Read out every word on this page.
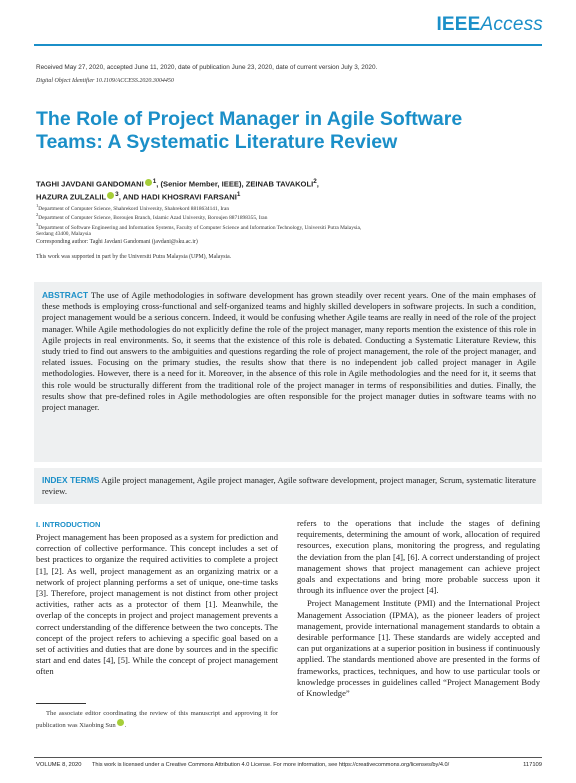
IEEEAccess
Received May 27, 2020, accepted June 11, 2020, date of publication June 23, 2020, date of current version July 3, 2020.
Digital Object Identifier 10.1109/ACCESS.2020.3004450
The Role of Project Manager in Agile Software Teams: A Systematic Literature Review
TAGHI JAVDANI GANDOMANI $^1$, (Senior Member, IEEE), ZEINAB TAVAKOLI$^2$,
HAZURA ZULZALIL $^3$, AND HADI KHOSRAVI FARSANI$^1$
$^1$Department of Computer Science, Shahrekord University, Shahrekord 8818634141, Iran
$^2$Department of Computer Science, Boroujen Branch, Islamic Azad University, Boroujen 8871898355, Iran
$^3$Department of Software Engineering and Information Systems, Faculty of Computer Science and Information Technology, Universiti Putra Malaysia,
Serdang 43400, Malaysia
Corresponding author: Taghi Javdani Gandomani (javdani@sku.ac.ir)
This work was supported in part by the Universiti Putra Malaysia (UPM), Malaysia.
ABSTRACT The use of Agile methodologies in software development has grown steadily over recent years. One of the main emphases of these methods is employing cross-functional and self-organized teams and highly skilled developers in software projects. In such a condition, project management would be a serious concern. Indeed, it would be confusing whether Agile teams are really in need of the role of the project manager. While Agile methodologies do not explicitly define the role of the project manager, many reports mention the existence of this role in Agile projects in real environments. So, it seems that the existence of this role is debated. Conducting a Systematic Literature Review, this study tried to find out answers to the ambiguities and questions regarding the role of project management, the role of the project manager, and related issues. Focusing on the primary studies, the results show that there is no independent job called project manager in Agile methodologies. However, there is a need for it. Moreover, in the absence of this role in Agile methodologies and the need for it, it seems that this role would be structurally different from the traditional role of the project manager in terms of responsibilities and duties. Finally, the results show that pre-defined roles in Agile methodologies are often responsible for the project manager duties in software teams with no project manager.
INDEX TERMS Agile project management, Agile project manager, Agile software development, project manager, Scrum, systematic literature review.
I. INTRODUCTION
Project management has been proposed as a system for prediction and correction of collective performance. This concept includes a set of best practices to organize the required activities to complete a project [1], [2]. As well, project management as an organizing matrix or a network of project planning performs a set of unique, one-time tasks [3]. Therefore, project management is not distinct from other project activities, rather acts as a protector of them [1]. Meanwhile, the overlap of the concepts in project and project management prevents a correct understanding of the difference between the two concepts. The concept of the project refers to achieving a specific goal based on a set of activities and duties that are done by sources and in the specific start and end dates [4], [5]. While the concept of project management often
refers to the operations that include the stages of defining requirements, determining the amount of work, allocation of required resources, execution plans, monitoring the progress, and regulating the deviation from the plan [4], [6]. A correct understanding of project management shows that project management can achieve project goals and expectations and bring more probable success upon it through its influence over the project [4].
Project Management Institute (PMI) and the International Project Management Association (IPMA), as the pioneer leaders of project management, provide international management standards to obtain a desirable performance [1]. These standards are widely accepted and can put organizations at a superior position in business if continuously applied. The standards mentioned above are presented in the forms of frameworks, practices, techniques, and how to use particular tools or knowledge processes in guidelines called “Project Management Body of Knowledge”
The associate editor coordinating the review of this manuscript and approving it for publication was Xiaobing Sun .
VOLUME 8, 2020 This work is licensed under a Creative Commons Attribution 4.0 License. For more information, see https://creativecommons.org/licenses/by/4.0/	117109
